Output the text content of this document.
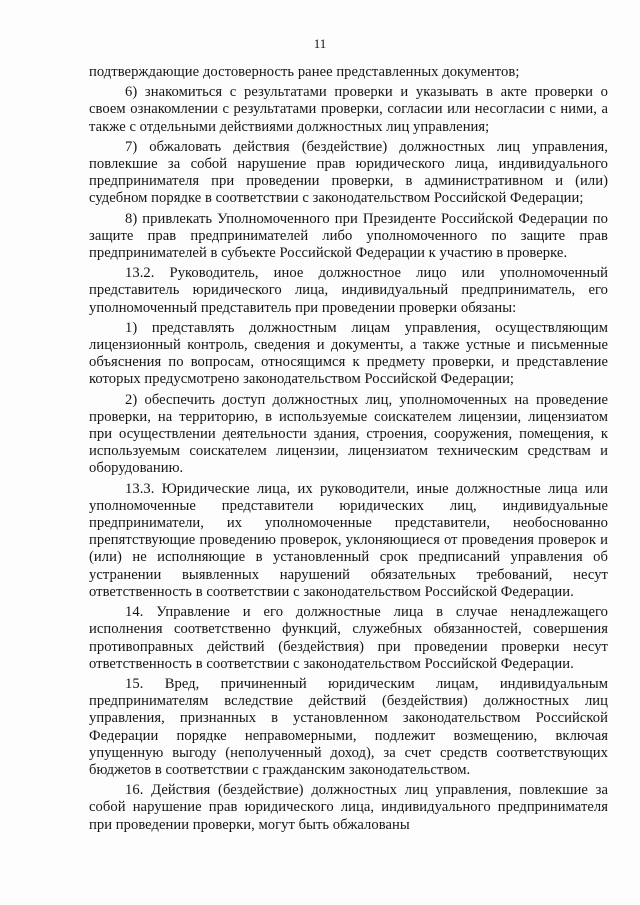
11

подтверждающие достоверность ранее представленных документов;

6) знакомиться с результатами проверки и указывать в акте проверки о своем ознакомлении с результатами проверки, согласии или несогласии с ними, а также с отдельными действиями должностных лиц управления;

7) обжаловать действия (бездействие) должностных лиц управления, повлекшие за собой нарушение прав юридического лица, индивидуального предпринимателя при проведении проверки, в административном и (или) судебном порядке в соответствии с законодательством Российской Федерации;

8) привлекать Уполномоченного при Президенте Российской Федерации по защите прав предпринимателей либо уполномоченного по защите прав предпринимателей в субъекте Российской Федерации к участию в проверке.

13.2. Руководитель, иное должностное лицо или уполномоченный представитель юридического лица, индивидуальный предприниматель, его уполномоченный представитель при проведении проверки обязаны:

1) представлять должностным лицам управления, осуществляющим лицензионный контроль, сведения и документы, а также устные и письменные объяснения по вопросам, относящимся к предмету проверки, и представление которых предусмотрено законодательством Российской Федерации;

2) обеспечить доступ должностных лиц, уполномоченных на проведение проверки, на территорию, в используемые соискателем лицензии, лицензиатом при осуществлении деятельности здания, строения, сооружения, помещения, к используемым соискателем лицензии, лицензиатом техническим средствам и оборудованию.

13.3. Юридические лица, их руководители, иные должностные лица или уполномоченные представители юридических лиц, индивидуальные предприниматели, их уполномоченные представители, необоснованно препятствующие проведению проверок, уклоняющиеся от проведения проверок и (или) не исполняющие в установленный срок предписаний управления об устранении выявленных нарушений обязательных требований, несут ответственность в соответствии с законодательством Российской Федерации.

14. Управление и его должностные лица в случае ненадлежащего исполнения соответственно функций, служебных обязанностей, совершения противоправных действий (бездействия) при проведении проверки несут ответственность в соответствии с законодательством Российской Федерации.

15. Вред, причиненный юридическим лицам, индивидуальным предпринимателям вследствие действий (бездействия) должностных лиц управления, признанных в установленном законодательством Российской Федерации порядке неправомерными, подлежит возмещению, включая упущенную выгоду (неполученный доход), за счет средств соответствующих бюджетов в соответствии с гражданским законодательством.

16. Действия (бездействие) должностных лиц управления, повлекшие за собой нарушение прав юридического лица, индивидуального предпринимателя при проведении проверки, могут быть обжалованы
